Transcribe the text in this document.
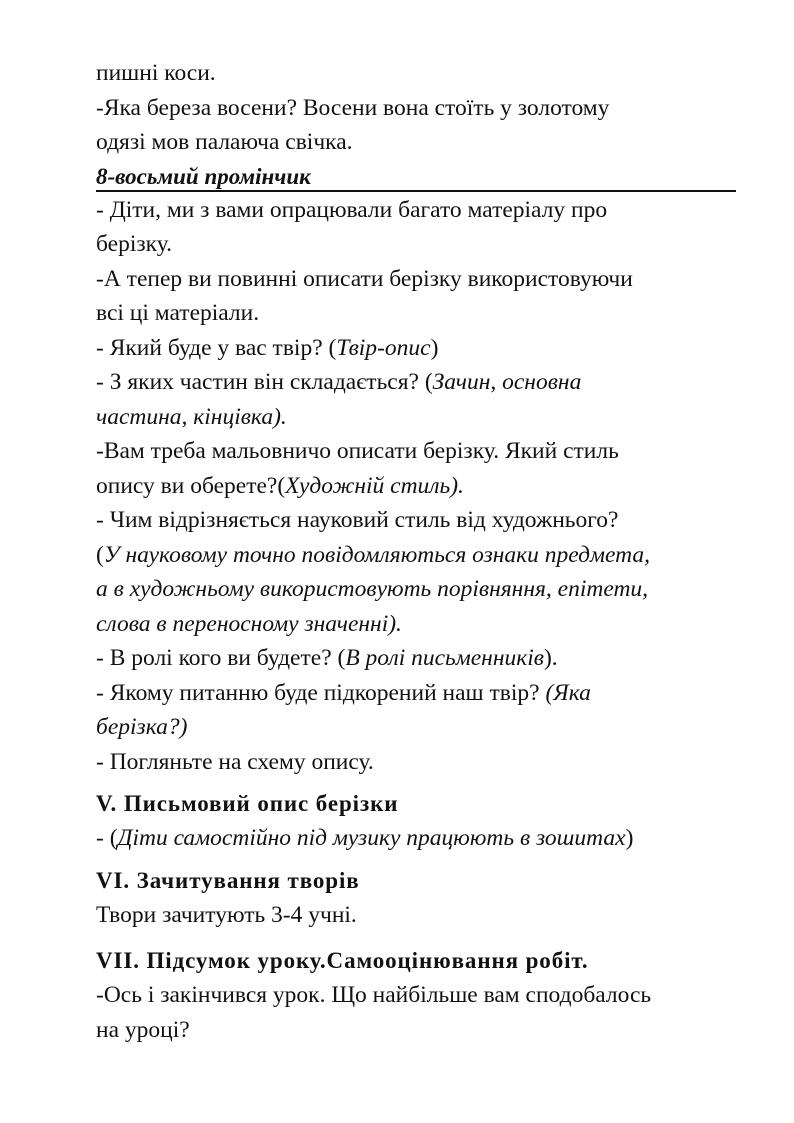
пишні коси.
-Яка береза восени? Восени вона стоїть у золотому
одязі мов палаюча свічка.
8-восьмий промінчик
- Діти, ми з вами опрацювали багато матеріалу про
берізку.
-А тепер ви повинні описати берізку використовуючи
всі ці матеріали.
- Який буде у вас твір? (Твір-опис)
- З яких частин він складається? (Зачин, основна
частина, кінцівка).
-Вам треба мальовничо описати берізку. Який стиль
опису ви оберете?(Художній стиль).
- Чим відрізняється науковий стиль від художнього?
(У науковому точно повідомляються ознаки предмета,
а в художньому використовують порівняння, епітети,
слова в переносному значенні).
- В ролі кого ви будете? (В ролі письменників).
- Якому питанню буде підкорений наш твір? (Яка
берізка?)
- Погляньте на схему опису.
V. Письмовий опис берізки
- (Діти самостійно під музику працюють в зошитах)
VI. Зачитування творів
Твори зачитують 3-4 учні.
VII. Підсумок уроку.Самооцінювання робіт.
-Ось і закінчився урок. Що найбільше вам сподобалось
на уроці?
